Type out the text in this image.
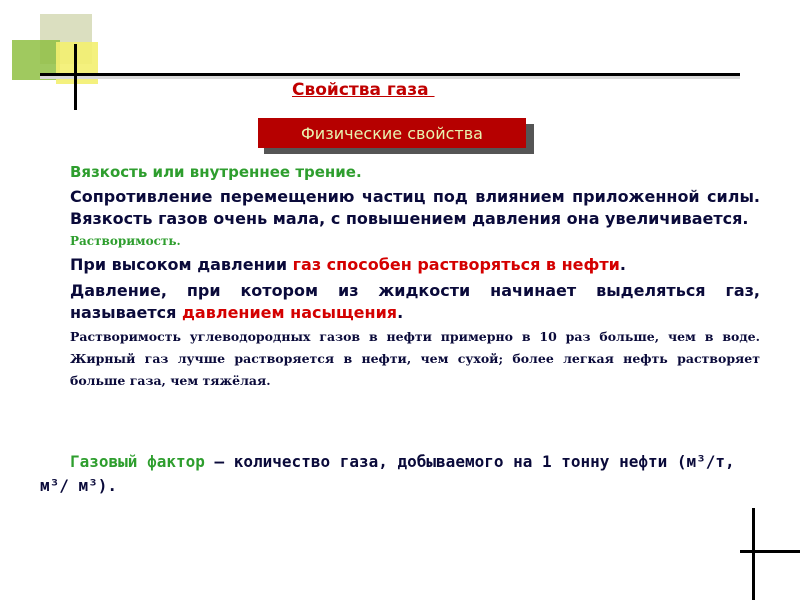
Свойства газа
Физические свойства

Вязкость или внутреннее трение.

Сопротивление перемещению частиц под влиянием приложенной силы. Вязкость газов очень мала, с повышением давления она увеличивается.

Растворимость.

При высоком давлении газ способен растворяться в нефти.

Давление, при котором из жидкости начинает выделяться газ, называется давлением насыщения.

Растворимость углеводородных газов в нефти примерно в 10 раз больше, чем в воде. Жирный газ лучше растворяется в нефти, чем сухой; более легкая нефть растворяет больше газа, чем тяжёлая.

Газовый фактор – количество газа, добываемого на 1 тонну нефти (м³/т, м³/ м³).
